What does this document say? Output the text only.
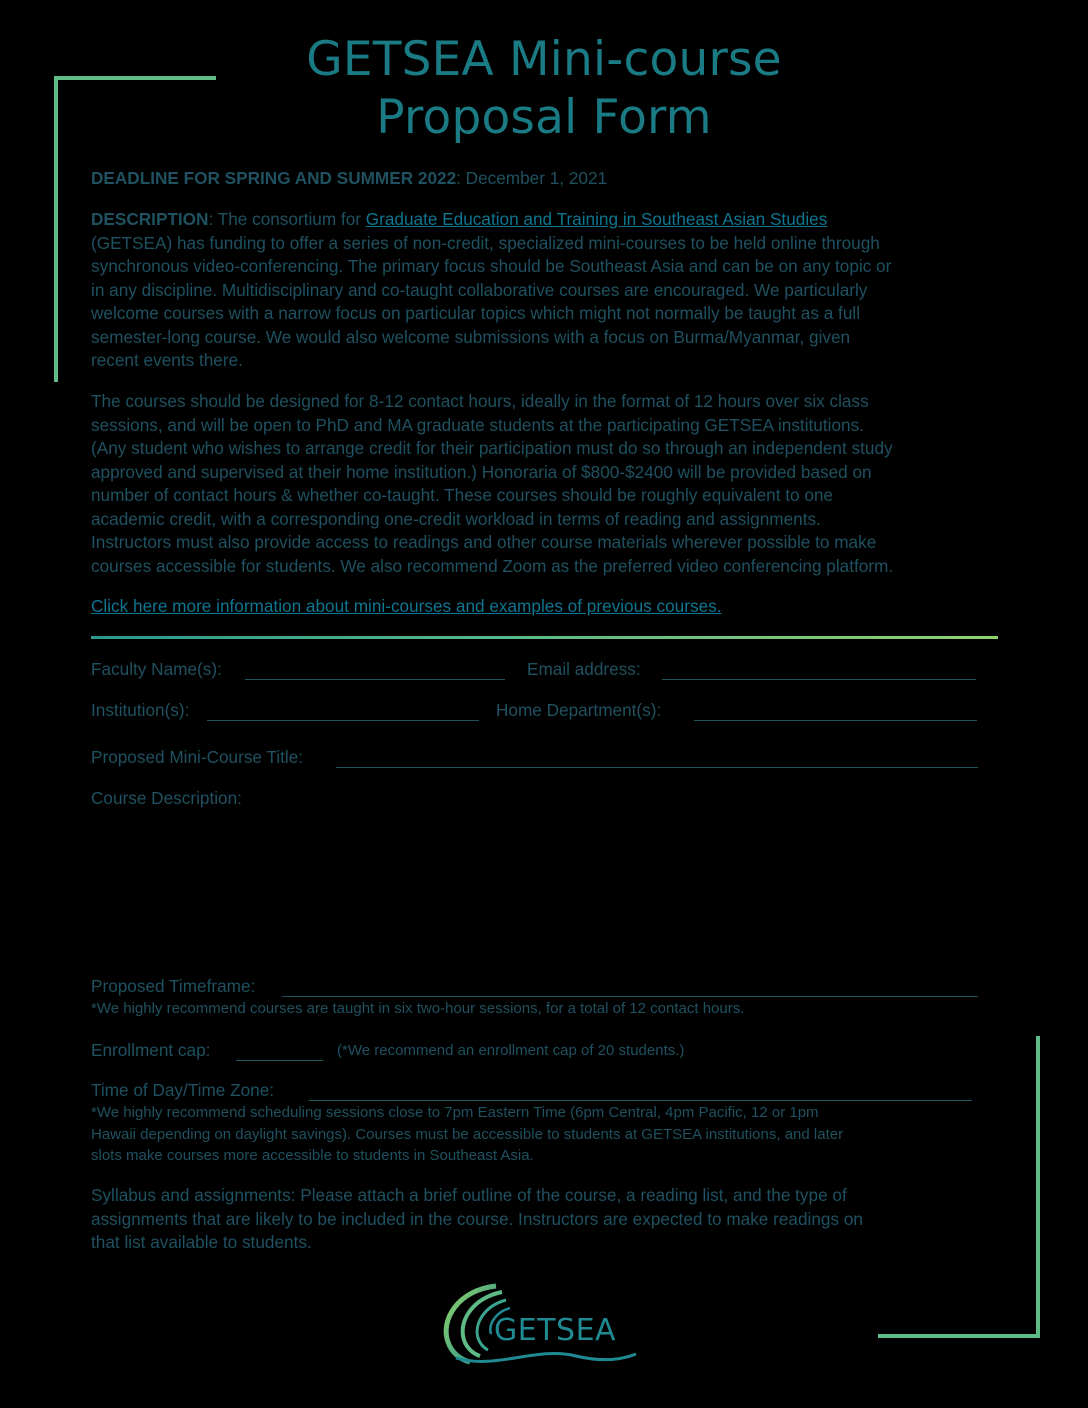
GETSEA Mini-course
Proposal Form
DEADLINE FOR SPRING AND SUMMER 2022: December 1, 2021
DESCRIPTION: The consortium for Graduate Education and Training in Southeast Asian Studies
(GETSEA) has funding to offer a series of non-credit, specialized mini-courses to be held online through
synchronous video-conferencing. The primary focus should be Southeast Asia and can be on any topic or
in any discipline. Multidisciplinary and co-taught collaborative courses are encouraged. We particularly
welcome courses with a narrow focus on particular topics which might not normally be taught as a full
semester-long course. We would also welcome submissions with a focus on Burma/Myanmar, given
recent events there.
The courses should be designed for 8-12 contact hours, ideally in the format of 12 hours over six class
sessions, and will be open to PhD and MA graduate students at the participating GETSEA institutions.
(Any student who wishes to arrange credit for their participation must do so through an independent study
approved and supervised at their home institution.) Honoraria of $800-$2400 will be provided based on
number of contact hours & whether co-taught. These courses should be roughly equivalent to one
academic credit, with a corresponding one-credit workload in terms of reading and assignments.
Instructors must also provide access to readings and other course materials wherever possible to make
courses accessible for students. We also recommend Zoom as the preferred video conferencing platform.
Click here more information about mini-courses and examples of previous courses.
Faculty Name(s):	Email address:
Institution(s):	Home Department(s):
Proposed Mini-Course Title:
Course Description:
Proposed Timeframe:
*We highly recommend courses are taught in six two-hour sessions, for a total of 12 contact hours.
Enrollment cap:	(*We recommend an enrollment cap of 20 students.)
Time of Day/Time Zone:
*We highly recommend scheduling sessions close to 7pm Eastern Time (6pm Central, 4pm Pacific, 12 or 1pm
Hawaii depending on daylight savings). Courses must be accessible to students at GETSEA institutions, and later
slots make courses more accessible to students in Southeast Asia.
Syllabus and assignments: Please attach a brief outline of the course, a reading list, and the type of
assignments that are likely to be included in the course. Instructors are expected to make readings on
that list available to students.
GETSEA
